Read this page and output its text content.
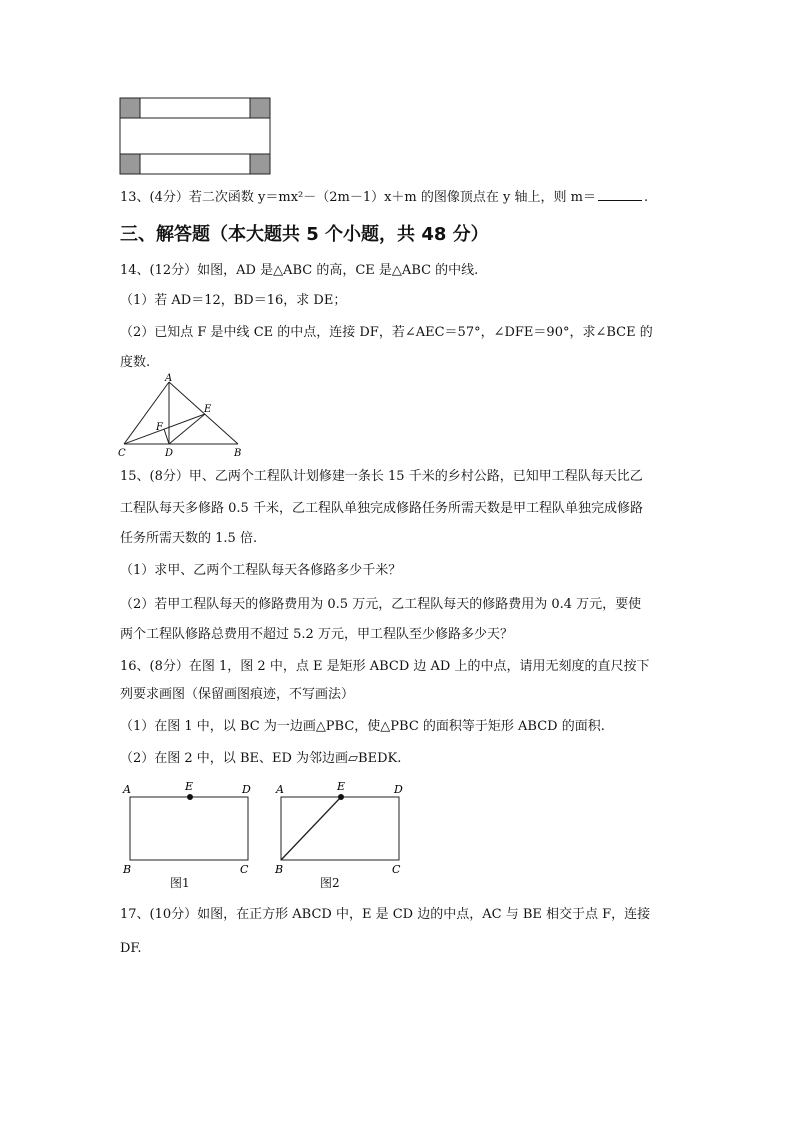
13、(4分）若二次函数 y＝mx²－（2m－1）x＋m 的图像顶点在 y 轴上，则 m＝	.
三、解答题（本大题共 5 个小题，共 48 分）
14、(12分）如图，AD 是△ABC 的高，CE 是△ABC 的中线.
（1）若 AD＝12，BD＝16，求 DE；
（2）已知点 F 是中线 CE 的中点，连接 DF，若∠AEC＝57°，∠DFE＝90°，求∠BCE 的
度数.
A
E
F
C	D	B
15、(8分）甲、乙两个工程队计划修建一条长 15 千米的乡村公路，已知甲工程队每天比乙
工程队每天多修路 0.5 千米，乙工程队单独完成修路任务所需天数是甲工程队单独完成修路
任务所需天数的 1.5 倍.
（1）求甲、乙两个工程队每天各修路多少千米？
（2）若甲工程队每天的修路费用为 0.5 万元，乙工程队每天的修路费用为 0.4 万元，要使
两个工程队修路总费用不超过 5.2 万元，甲工程队至少修路多少天？
16、(8分）在图 1，图 2 中，点 E 是矩形 ABCD 边 AD 上的中点，请用无刻度的直尺按下
列要求画图（保留画图痕迹，不写画法）
（1）在图 1 中，以 BC 为一边画△PBC，使△PBC 的面积等于矩形 ABCD 的面积.
（2）在图 2 中，以 BE、ED 为邻边画▱BEDK.
A	E	D
B	C
图1
A	E	D
B	C
图2
17、(10分）如图，在正方形 ABCD 中，E 是 CD 边的中点，AC 与 BE 相交于点 F，连接
DF.
